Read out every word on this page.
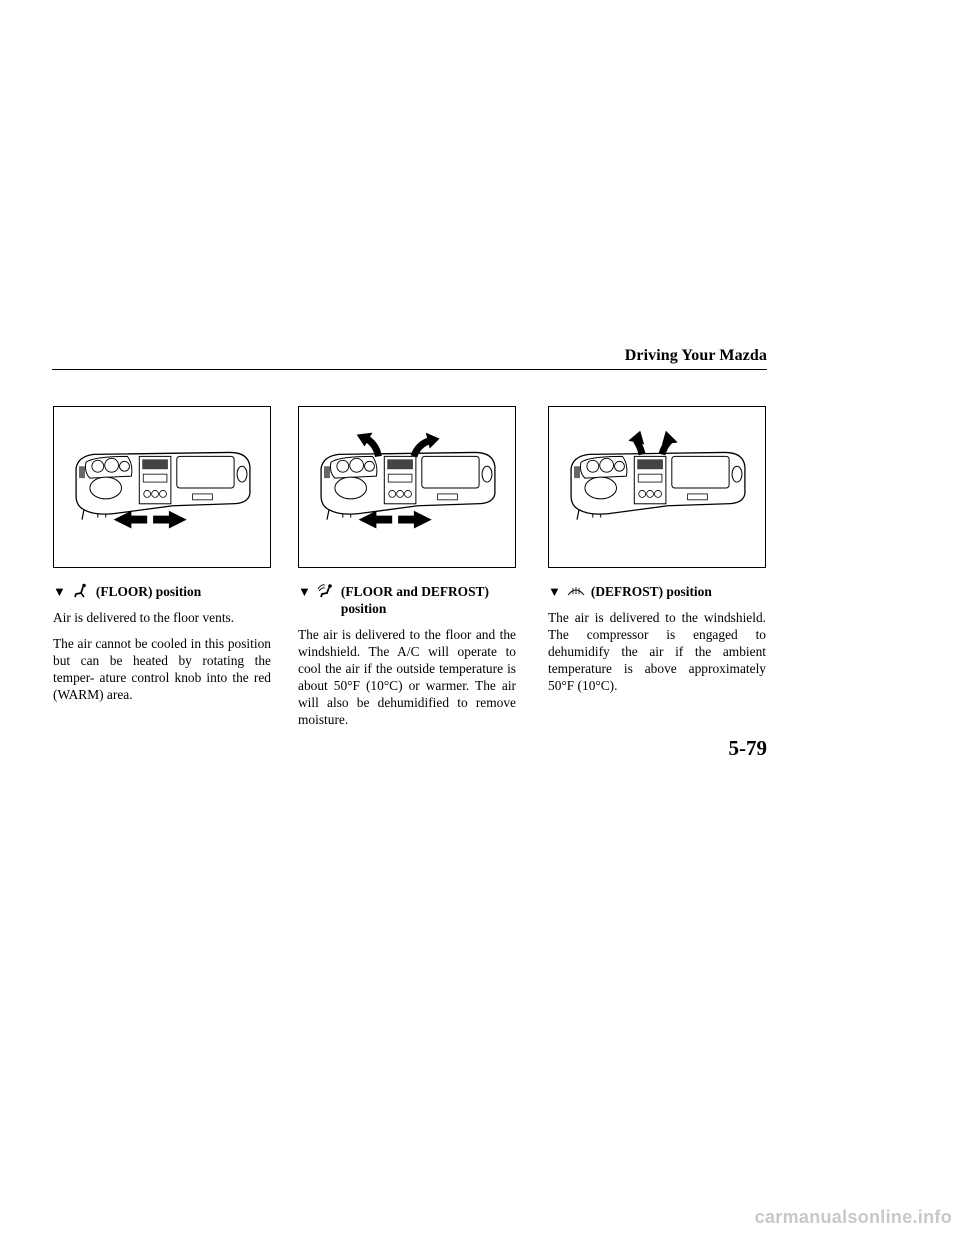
Driving Your Mazda
▼ (FLOOR) position

Air is delivered to the floor vents.

The air cannot be cooled in this position but can be heated by rotating the temper- ature control knob into the red (WARM) area.

▼ (FLOOR and DEFROST) position

The air is delivered to the floor and the windshield. The A/C will operate to cool the air if the outside temperature is about 50°F (10°C) or warmer. The air will also be dehumidified to remove moisture.

▼ (DEFROST) position

The air is delivered to the windshield. The compressor is engaged to dehumidify the air if the ambient temperature is above approximately 50°F (10°C).

5-79
carmanualsonline.info
